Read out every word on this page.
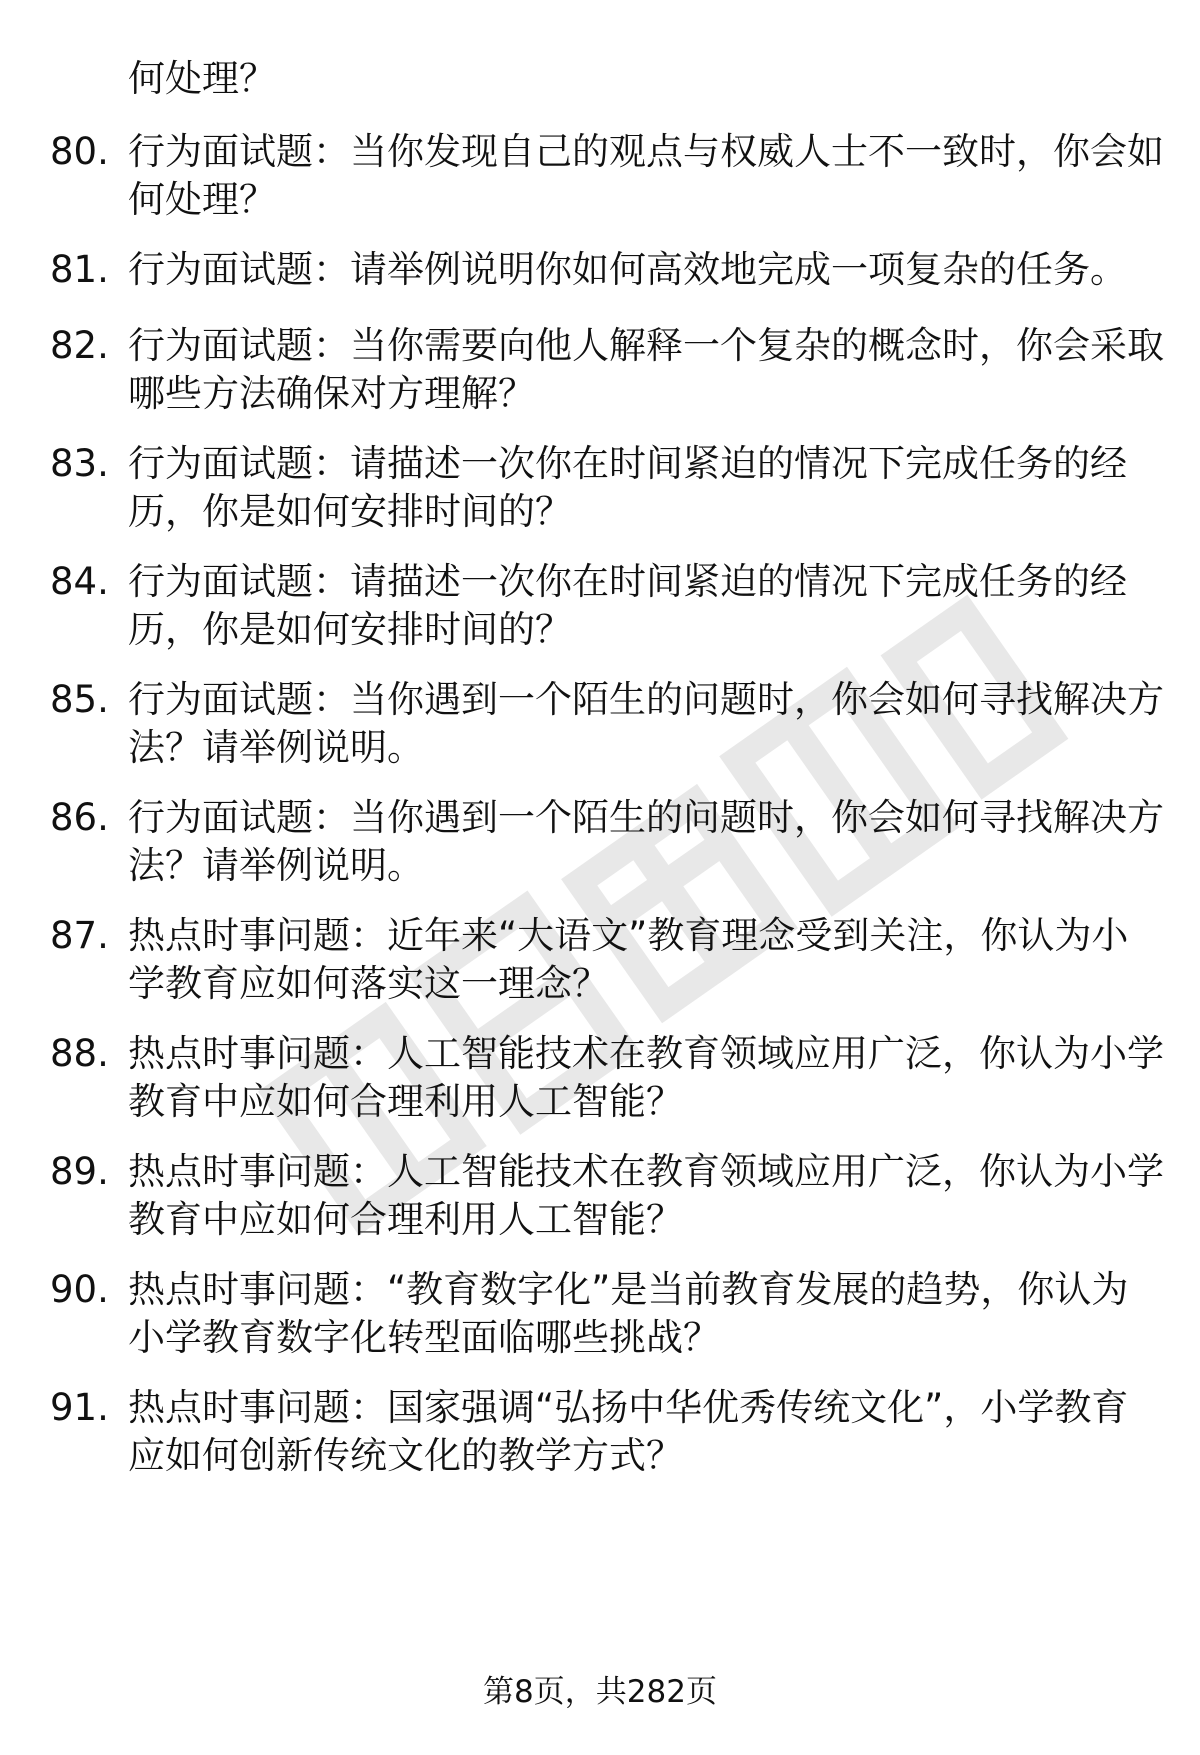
何处理？
80. 行为面试题：当你发现自己的观点与权威人士不一致时，你会如
何处理？
81. 行为面试题：请举例说明你如何高效地完成一项复杂的任务。
82. 行为面试题：当你需要向他人解释一个复杂的概念时，你会采取
哪些方法确保对方理解？
83. 行为面试题：请描述一次你在时间紧迫的情况下完成任务的经
历，你是如何安排时间的？
84. 行为面试题：请描述一次你在时间紧迫的情况下完成任务的经
历，你是如何安排时间的？
85. 行为面试题：当你遇到一个陌生的问题时，你会如何寻找解决方
法？请举例说明。
86. 行为面试题：当你遇到一个陌生的问题时，你会如何寻找解决方
法？请举例说明。
87. 热点时事问题：近年来“大语文”教育理念受到关注，你认为小
学教育应如何落实这一理念？
88. 热点时事问题：人工智能技术在教育领域应用广泛，你认为小学
教育中应如何合理利用人工智能？
89. 热点时事问题：人工智能技术在教育领域应用广泛，你认为小学
教育中应如何合理利用人工智能？
90. 热点时事问题：“教育数字化”是当前教育发展的趋势，你认为
小学教育数字化转型面临哪些挑战？
91. 热点时事问题：国家强调“弘扬中华优秀传统文化”，小学教育
应如何创新传统文化的教学方式？
第8页，共282页
